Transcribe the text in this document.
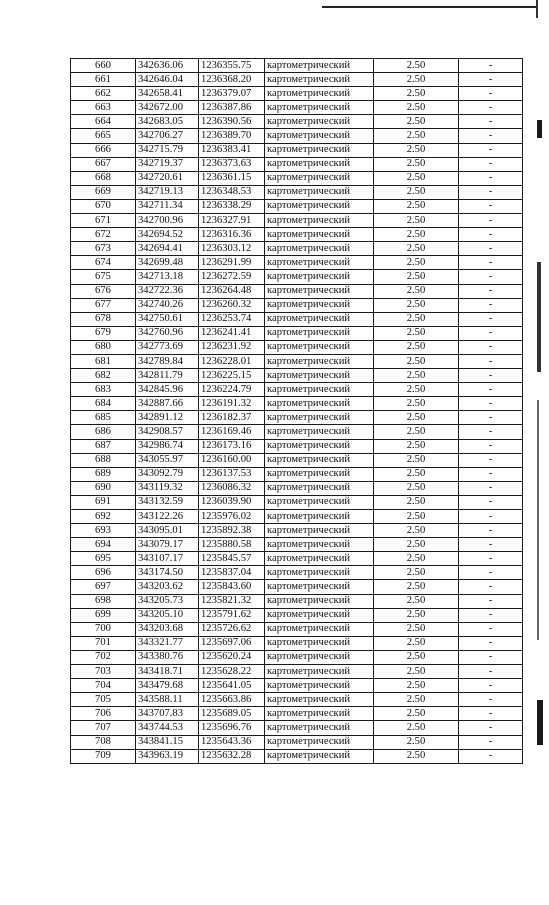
660	342636.06	1236355.75	картометрический	2.50	-
661	342646.04	1236368.20	картометрический	2.50	-
662	342658.41	1236379.07	картометрический	2.50	-
663	342672.00	1236387.86	картометрический	2.50	-
664	342683.05	1236390.56	картометрический	2.50	-
665	342706.27	1236389.70	картометрический	2.50	-
666	342715.79	1236383.41	картометрический	2.50	-
667	342719.37	1236373.63	картометрический	2.50	-
668	342720.61	1236361.15	картометрический	2.50	-
669	342719.13	1236348.53	картометрический	2.50	-
670	342711.34	1236338.29	картометрический	2.50	-
671	342700.96	1236327.91	картометрический	2.50	-
672	342694.52	1236316.36	картометрический	2.50	-
673	342694.41	1236303.12	картометрический	2.50	-
674	342699.48	1236291.99	картометрический	2.50	-
675	342713.18	1236272.59	картометрический	2.50	-
676	342722.36	1236264.48	картометрический	2.50	-
677	342740.26	1236260.32	картометрический	2.50	-
678	342750.61	1236253.74	картометрический	2.50	-
679	342760.96	1236241.41	картометрический	2.50	-
680	342773.69	1236231.92	картометрический	2.50	-
681	342789.84	1236228.01	картометрический	2.50	-
682	342811.79	1236225.15	картометрический	2.50	-
683	342845.96	1236224.79	картометрический	2.50	-
684	342887.66	1236191.32	картометрический	2.50	-
685	342891.12	1236182.37	картометрический	2.50	-
686	342908.57	1236169.46	картометрический	2.50	-
687	342986.74	1236173.16	картометрический	2.50	-
688	343055.97	1236160.00	картометрический	2.50	-
689	343092.79	1236137.53	картометрический	2.50	-
690	343119.32	1236086.32	картометрический	2.50	-
691	343132.59	1236039.90	картометрический	2.50	-
692	343122.26	1235976.02	картометрический	2.50	-
693	343095.01	1235892.38	картометрический	2.50	-
694	343079.17	1235880.58	картометрический	2.50	-
695	343107.17	1235845.57	картометрический	2.50	-
696	343174.50	1235837.04	картометрический	2.50	-
697	343203.62	1235843.60	картометрический	2.50	-
698	343205.73	1235821.32	картометрический	2.50	-
699	343205.10	1235791.62	картометрический	2.50	-
700	343203.68	1235726.62	картометрический	2.50	-
701	343321.77	1235697.06	картометрический	2.50	-
702	343380.76	1235620.24	картометрический	2.50	-
703	343418.71	1235628.22	картометрический	2.50	-
704	343479.68	1235641.05	картометрический	2.50	-
705	343588.11	1235663.86	картометрический	2.50	-
706	343707.83	1235689.05	картометрический	2.50	-
707	343744.53	1235696.76	картометрический	2.50	-
708	343841.15	1235643.36	картометрический	2.50	-
709	343963.19	1235632.28	картометрический	2.50	-
